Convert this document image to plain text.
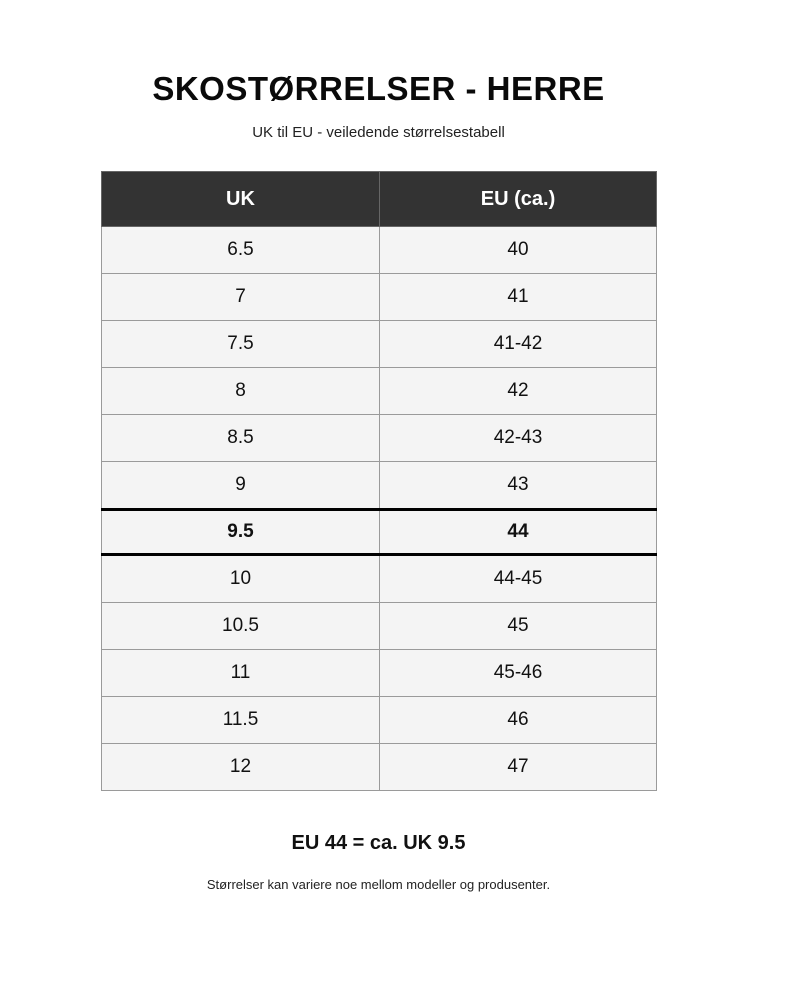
SKOSTØRRELSER - HERRE
UK til EU - veiledende størrelsestabell
UK	EU (ca.)
6.5	40
7	41
7.5	41-42
8	42
8.5	42-43
9	43
9.5	44
10	44-45
10.5	45
11	45-46
11.5	46
12	47
EU 44 = ca. UK 9.5
Størrelser kan variere noe mellom modeller og produsenter.
